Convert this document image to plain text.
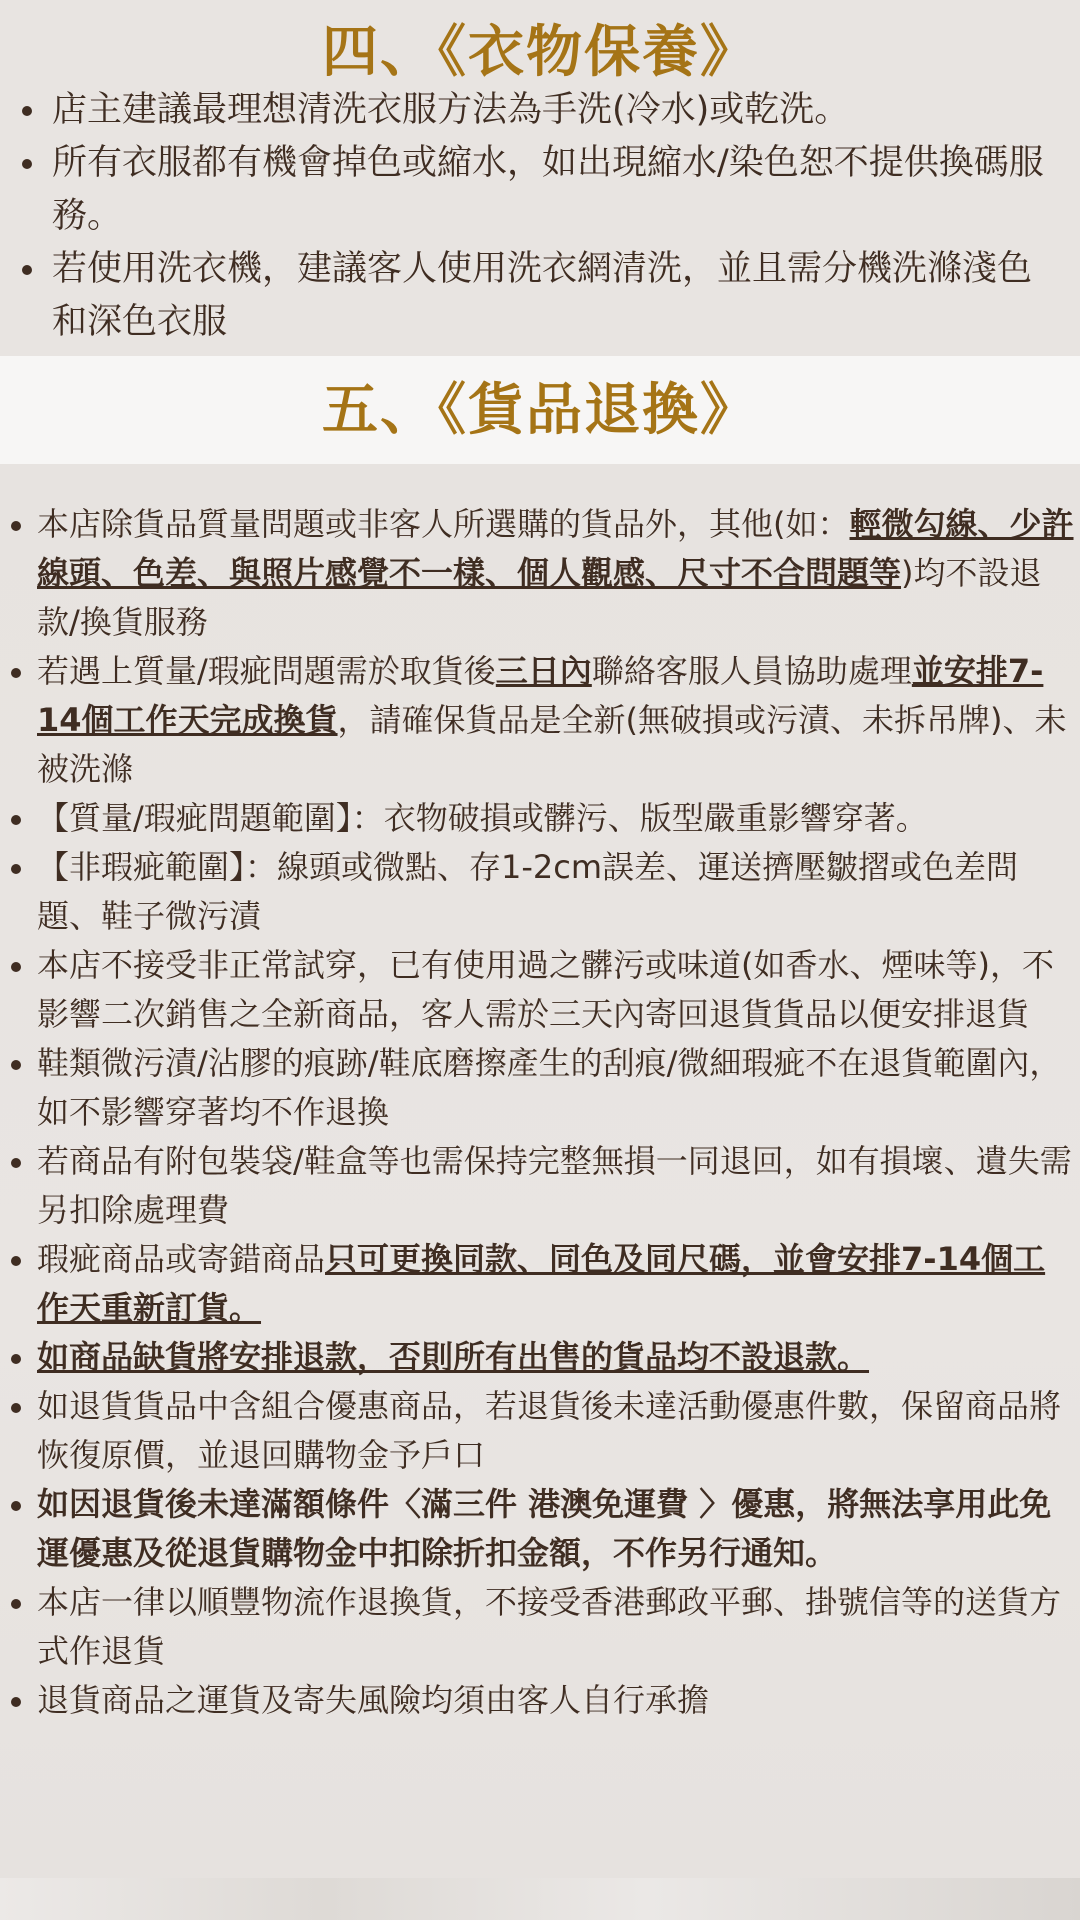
四、《衣物保養》
店主建議最理想清洗衣服方法為手洗(冷水)或乾洗。
所有衣服都有機會掉色或縮水，如出現縮水/染色恕不提供換碼服務。
若使用洗衣機，建議客人使用洗衣網清洗，並且需分機洗滌淺色和深色衣服
五、《貨品退換》
本店除貨品質量問題或非客人所選購的貨品外，其他(如：輕微勾線、少許線頭、色差、與照片感覺不一樣、個人觀感、尺寸不合問題等)均不設退款/換貨服務
若遇上質量/瑕疵問題需於取貨後三日內聯絡客服人員協助處理並安排7-14個工作天完成換貨，請確保貨品是全新(無破損或污漬、未拆吊牌)、未被洗滌
【質量/瑕疵問題範圍】：衣物破損或髒污、版型嚴重影響穿著。
【非瑕疵範圍】：線頭或微點、存1-2cm誤差、運送擠壓皺摺或色差問題、鞋子微污漬
本店不接受非正常試穿，已有使用過之髒污或味道(如香水、煙味等)，不影響二次銷售之全新商品，客人需於三天內寄回退貨貨品以便安排退貨
鞋類微污漬/沾膠的痕跡/鞋底磨擦產生的刮痕/微細瑕疵不在退貨範圍內，如不影響穿著均不作退換
若商品有附包裝袋/鞋盒等也需保持完整無損一同退回，如有損壞、遺失需另扣除處理費
瑕疵商品或寄錯商品只可更換同款、同色及同尺碼，並會安排7-14個工作天重新訂貨。
如商品缺貨將安排退款，否則所有出售的貨品均不設退款。
如退貨貨品中含組合優惠商品，若退貨後未達活動優惠件數，保留商品將恢復原價，並退回購物金予戶口
如因退貨後未達滿額條件〈滿三件 港澳免運費 〉優惠，將無法享用此免運優惠及從退貨購物金中扣除折扣金額，不作另行通知。
本店一律以順豐物流作退換貨，不接受香港郵政平郵、掛號信等的送貨方式作退貨
退貨商品之運貨及寄失風險均須由客人自行承擔
